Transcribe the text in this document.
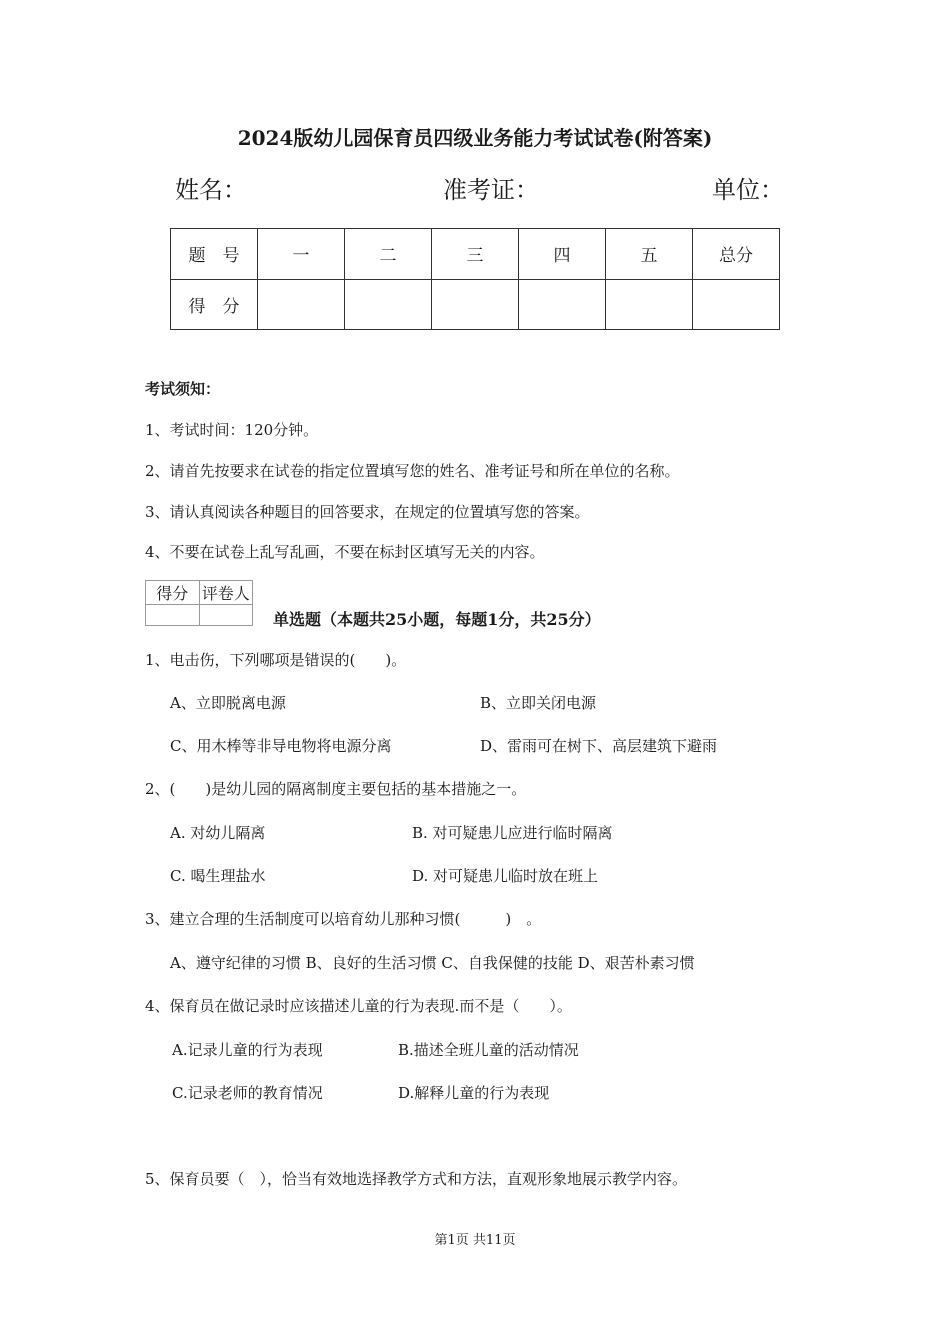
2024版幼儿园保育员四级业务能力考试试卷(附答案)
姓名：	准考证：	单位：
题　号	一	二	三	四	五	总分
得　分						
考试须知：
1、考试时间：120分钟。
2、请首先按要求在试卷的指定位置填写您的姓名、准考证号和所在单位的名称。
3、请认真阅读各种题目的回答要求，在规定的位置填写您的答案。
4、不要在试卷上乱写乱画，不要在标封区填写无关的内容。
得分	评卷人

单选题（本题共25小题，每题1分，共25分）
1、电击伤，下列哪项是错误的(　　)。
A、立即脱离电源	B、立即关闭电源
C、用木棒等非导电物将电源分离	D、雷雨可在树下、高层建筑下避雨
2、(　　)是幼儿园的隔离制度主要包括的基本措施之一。
A. 对幼儿隔离	B. 对可疑患儿应进行临时隔离
C. 喝生理盐水	D. 对可疑患儿临时放在班上
3、建立合理的生活制度可以培育幼儿那种习惯(　　　)　。
A、遵守纪律的习惯 B、良好的生活习惯 C、自我保健的技能 D、艰苦朴素习惯
4、保育员在做记录时应该描述儿童的行为表现.而不是（　　）。
A.记录儿童的行为表现	B.描述全班儿童的活动情况
C.记录老师的教育情况	D.解释儿童的行为表现
5、保育员要（　），恰当有效地选择教学方式和方法，直观形象地展示教学内容。
第1页 共11页
